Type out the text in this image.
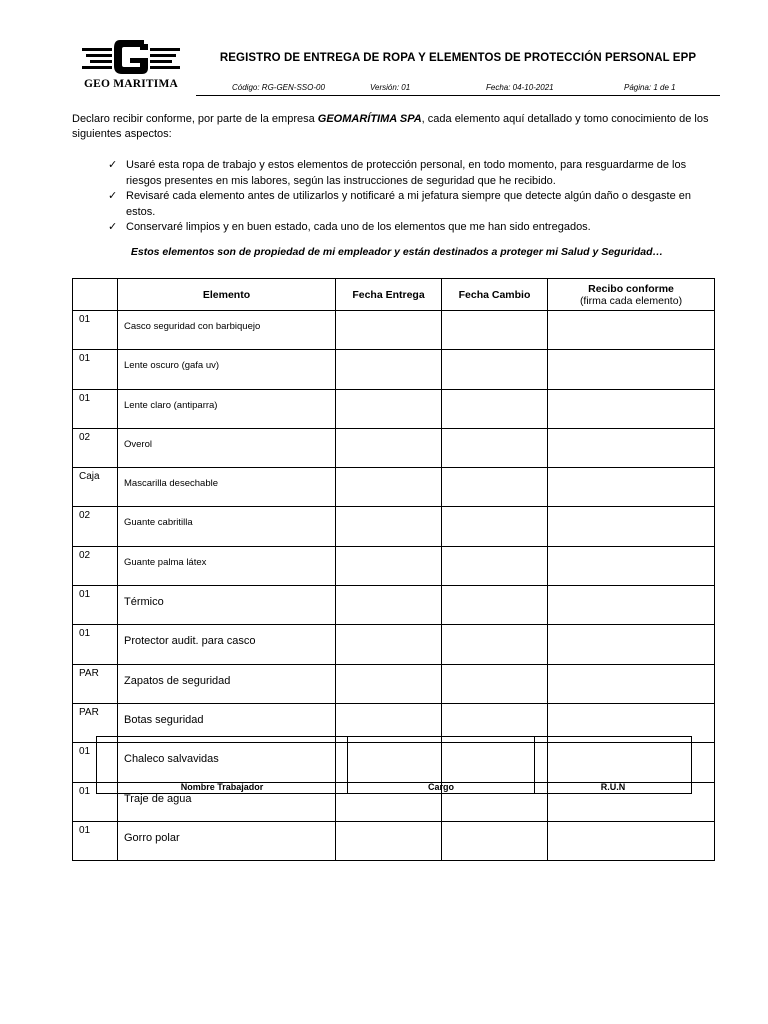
GEO MARITIMA
REGISTRO DE ENTREGA DE ROPA Y ELEMENTOS DE PROTECCIÓN PERSONAL EPP
Código: RG-GEN-SSO-00	Versión: 01	Fecha: 04-10-2021	Página: 1 de 1
Declaro recibir conforme, por parte de la empresa GEOMARÍTIMA SPA, cada elemento aquí detallado y tomo conocimiento de los siguientes aspectos:
✓ Usaré esta ropa de trabajo y estos elementos de protección personal, en todo momento, para resguardarme de los riesgos presentes en mis labores, según las instrucciones de seguridad que he recibido.
✓ Revisaré cada elemento antes de utilizarlos y notificaré a mi jefatura siempre que detecte algún daño o desgaste en estos.
✓ Conservaré limpios y en buen estado, cada uno de los elementos que me han sido entregados.
Estos elementos son de propiedad de mi empleador y están destinados a proteger mi Salud y Seguridad…
	Elemento	Fecha Entrega	Fecha Cambio	Recibo conforme
(firma cada elemento)

01	Casco seguridad con barbiquejo			
01	Lente oscuro (gafa uv)			
01	Lente claro (antiparra)			
02	Overol			
Caja	Mascarilla desechable			
02	Guante cabritilla			
02	Guante palma látex			
01	Térmico			
01	Protector audit. para casco			
PAR	Zapatos de seguridad			
PAR	Botas seguridad			
01	Chaleco salvavidas			
01	Traje de agua			
01	Gorro polar			
Nombre Trabajador	Cargo	R.U.N
